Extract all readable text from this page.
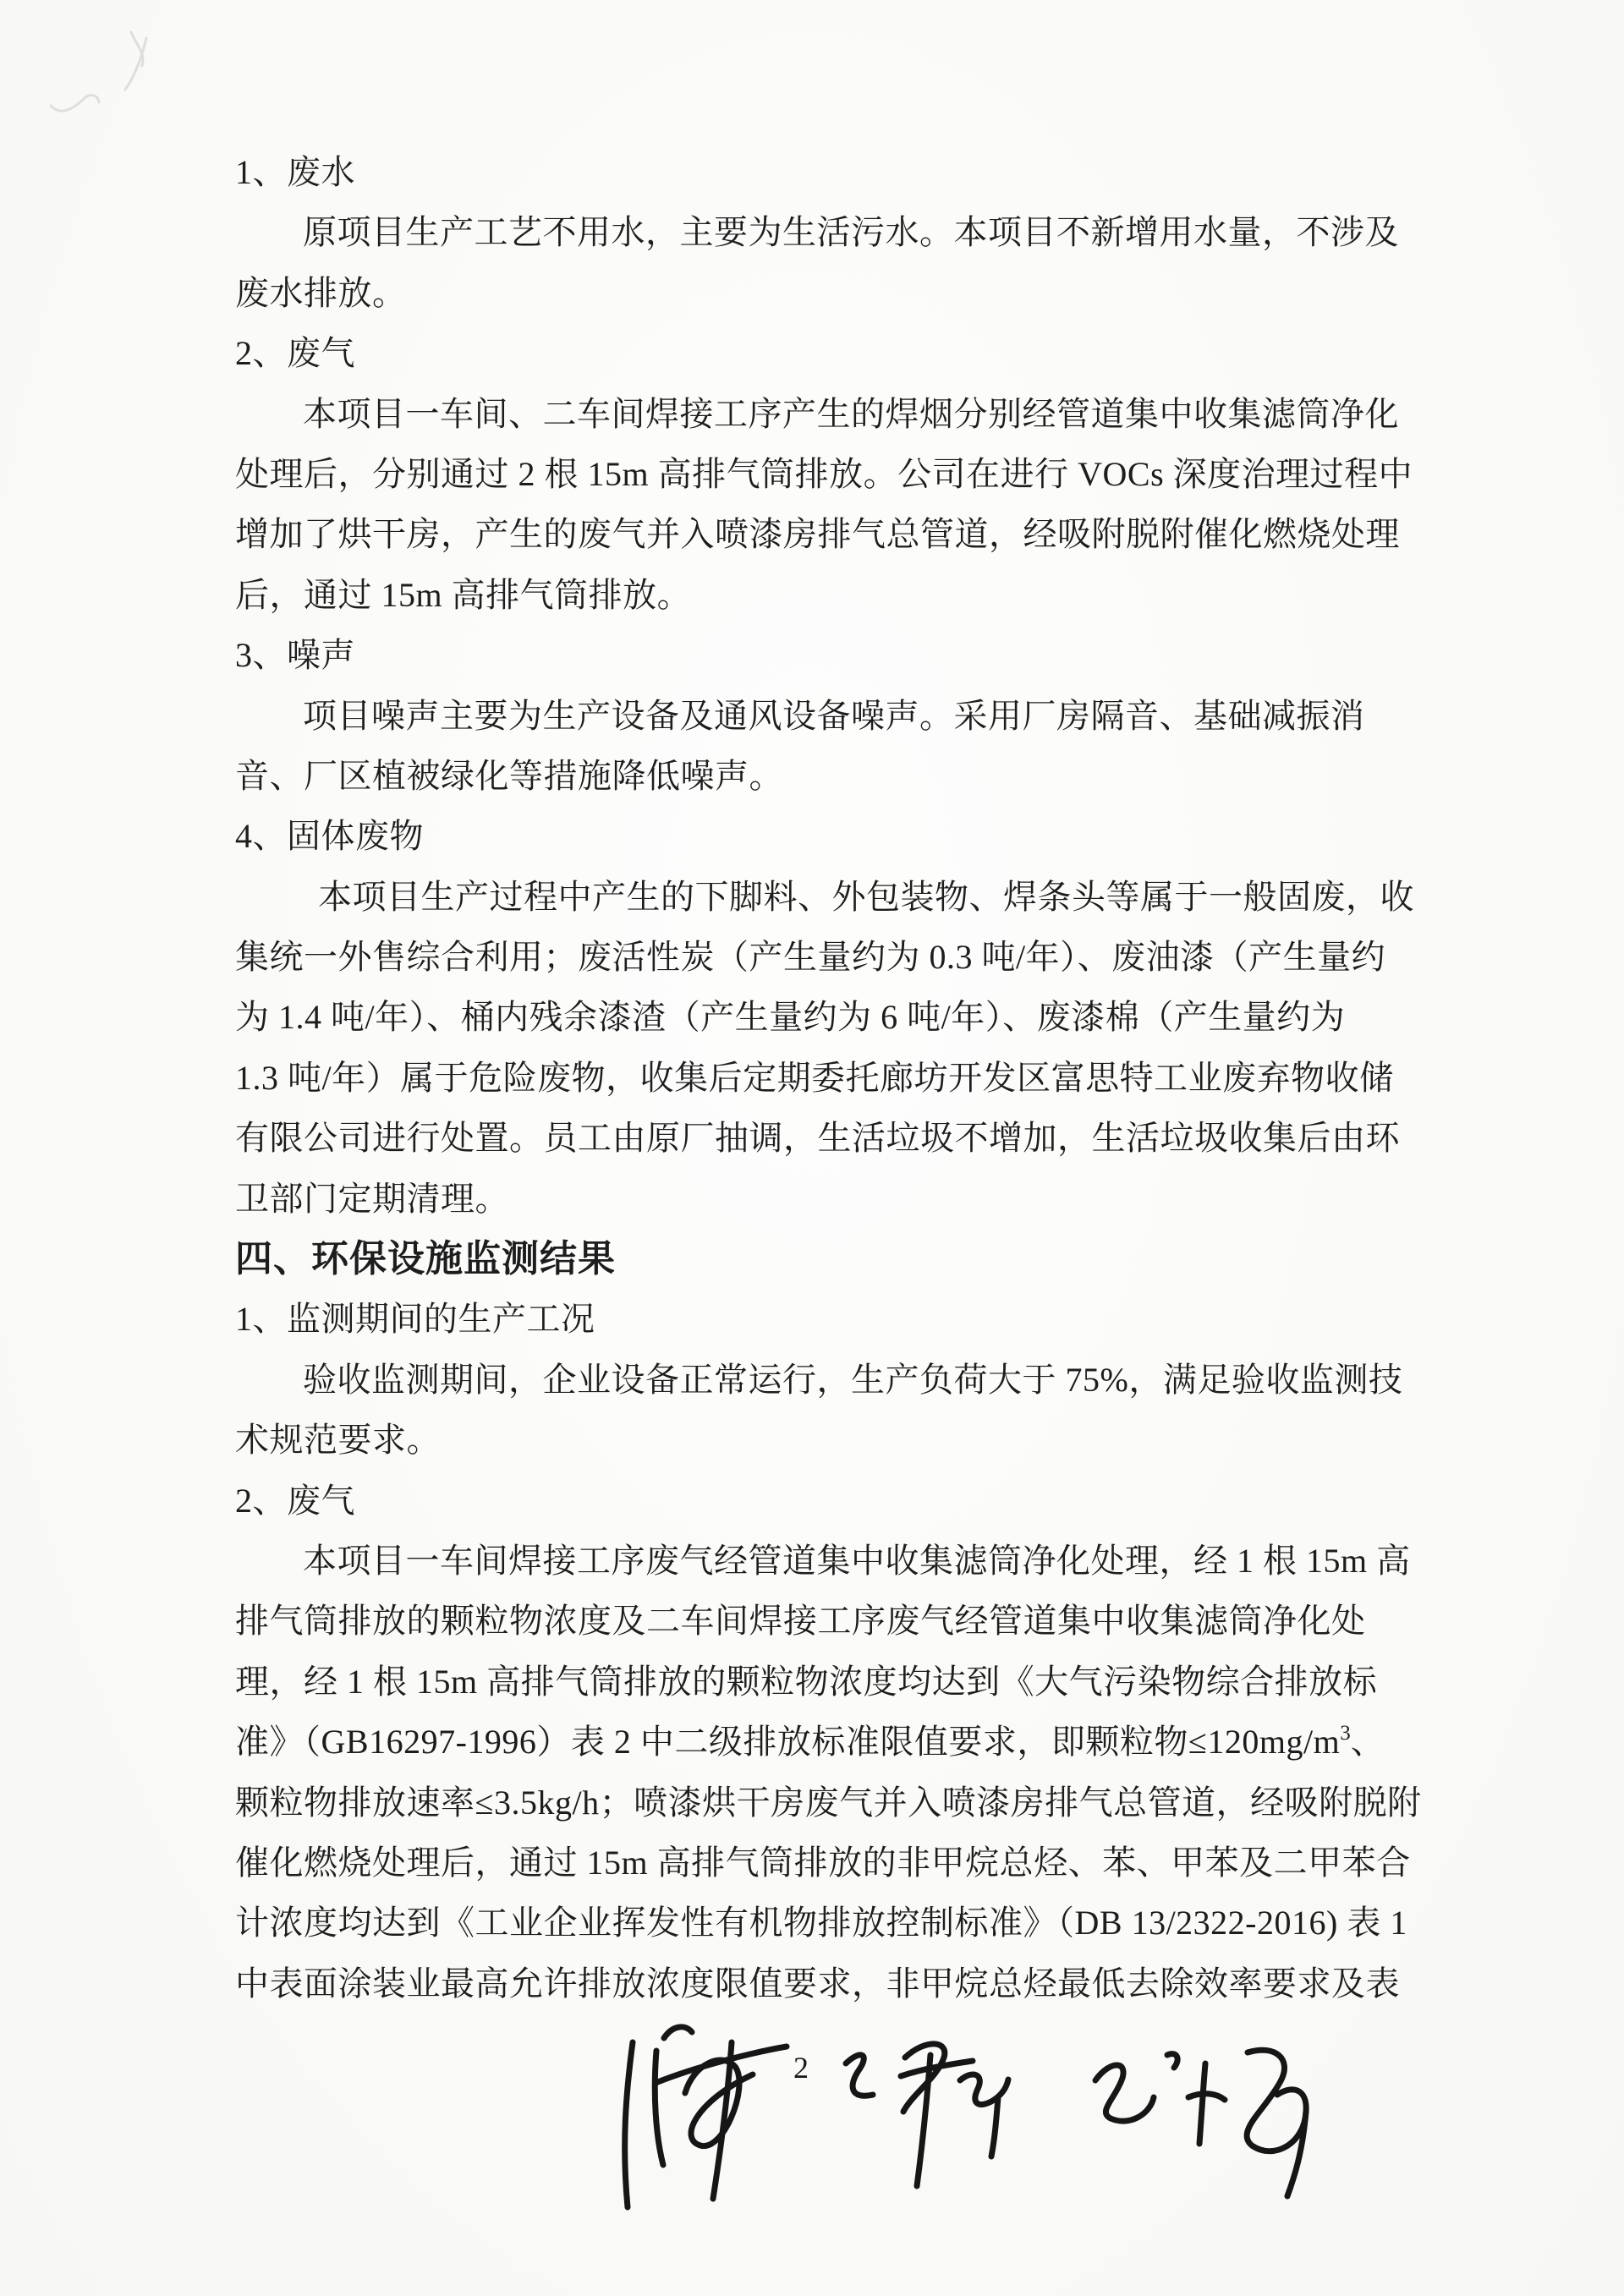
1、废水
原项目生产工艺不用水，主要为生活污水。本项目不新增用水量，不涉及
废水排放。
2、废气
本项目一车间、二车间焊接工序产生的焊烟分别经管道集中收集滤筒净化
处理后，分别通过 2 根 15m 高排气筒排放。公司在进行 VOCs 深度治理过程中
增加了烘干房，产生的废气并入喷漆房排气总管道，经吸附脱附催化燃烧处理
后，通过 15m 高排气筒排放。
3、噪声
项目噪声主要为生产设备及通风设备噪声。采用厂房隔音、基础减振消
音、厂区植被绿化等措施降低噪声。
4、固体废物
本项目生产过程中产生的下脚料、外包装物、焊条头等属于一般固废，收
集统一外售综合利用；废活性炭（产生量约为 0.3 吨/年）、废油漆（产生量约
为 1.4 吨/年）、桶内残余漆渣（产生量约为 6 吨/年）、废漆棉（产生量约为
1.3 吨/年）属于危险废物，收集后定期委托廊坊开发区富思特工业废弃物收储
有限公司进行处置。员工由原厂抽调，生活垃圾不增加，生活垃圾收集后由环
卫部门定期清理。
四、环保设施监测结果
1、监测期间的生产工况
验收监测期间，企业设备正常运行，生产负荷大于 75%，满足验收监测技
术规范要求。
2、废气
本项目一车间焊接工序废气经管道集中收集滤筒净化处理，经 1 根 15m 高
排气筒排放的颗粒物浓度及二车间焊接工序废气经管道集中收集滤筒净化处
理，经 1 根 15m 高排气筒排放的颗粒物浓度均达到《大气污染物综合排放标
准》（GB16297-1996）表 2 中二级排放标准限值要求，即颗粒物$\le 120mg/m^3$、
颗粒物排放速率≤3.5kg/h；喷漆烘干房废气并入喷漆房排气总管道，经吸附脱附
催化燃烧处理后，通过 15m 高排气筒排放的非甲烷总烃、苯、甲苯及二甲苯合
计浓度均达到《工业企业挥发性有机物排放控制标准》（DB 13/2322-2016) 表 1
中表面涂装业最高允许排放浓度限值要求，非甲烷总烃最低去除效率要求及表
2
